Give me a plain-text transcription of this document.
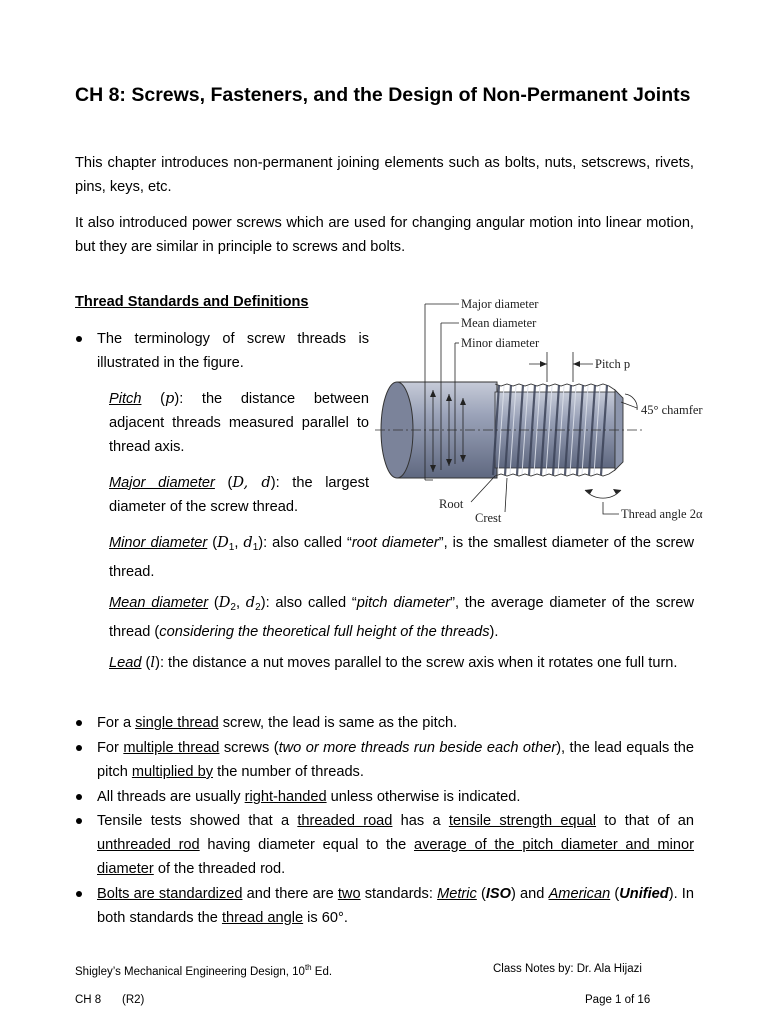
CH 8: Screws, Fasteners, and the Design of Non-Permanent Joints
This chapter introduces non-permanent joining elements such as bolts, nuts, setscrews, rivets, pins, keys, etc.
It also introduced power screws which are used for changing angular motion into linear motion, but they are similar in principle to screws and bolts.
Thread Standards and Definitions
The terminology of screw threads is illustrated in the figure.
Pitch (p): the distance between adjacent threads measured parallel to thread axis.
Major diameter (D, d): the largest diameter of the screw thread.
Minor diameter ($D_1$, $d_1$): also called “root diameter”, is the smallest diameter of the screw thread.
Mean diameter ($D_2$, $d_2$): also called “pitch diameter”, the average diameter of the screw thread (considering the theoretical full height of the threads).
Lead (l): the distance a nut moves parallel to the screw axis when it rotates one full turn.
For a single thread screw, the lead is same as the pitch.
For multiple thread screws (two or more threads run beside each other), the lead equals the pitch multiplied by the number of threads.
All threads are usually right-handed unless otherwise is indicated.
Tensile tests showed that a threaded road has a tensile strength equal to that of an unthreaded rod having diameter equal to the average of the pitch diameter and minor diameter of the threaded rod.
Bolts are standardized and there are two standards: Metric (ISO) and American (Unified). In both standards the thread angle is 60°.
Major diameter
Mean diameter
Minor diameter
Pitch p
45° chamfer
Root
Crest	Thread angle 2α
Shigley’s Mechanical Engineering Design, 10th Ed.	Class Notes by: Dr. Ala Hijazi
CH 8 (R2)	Page 1 of 16
